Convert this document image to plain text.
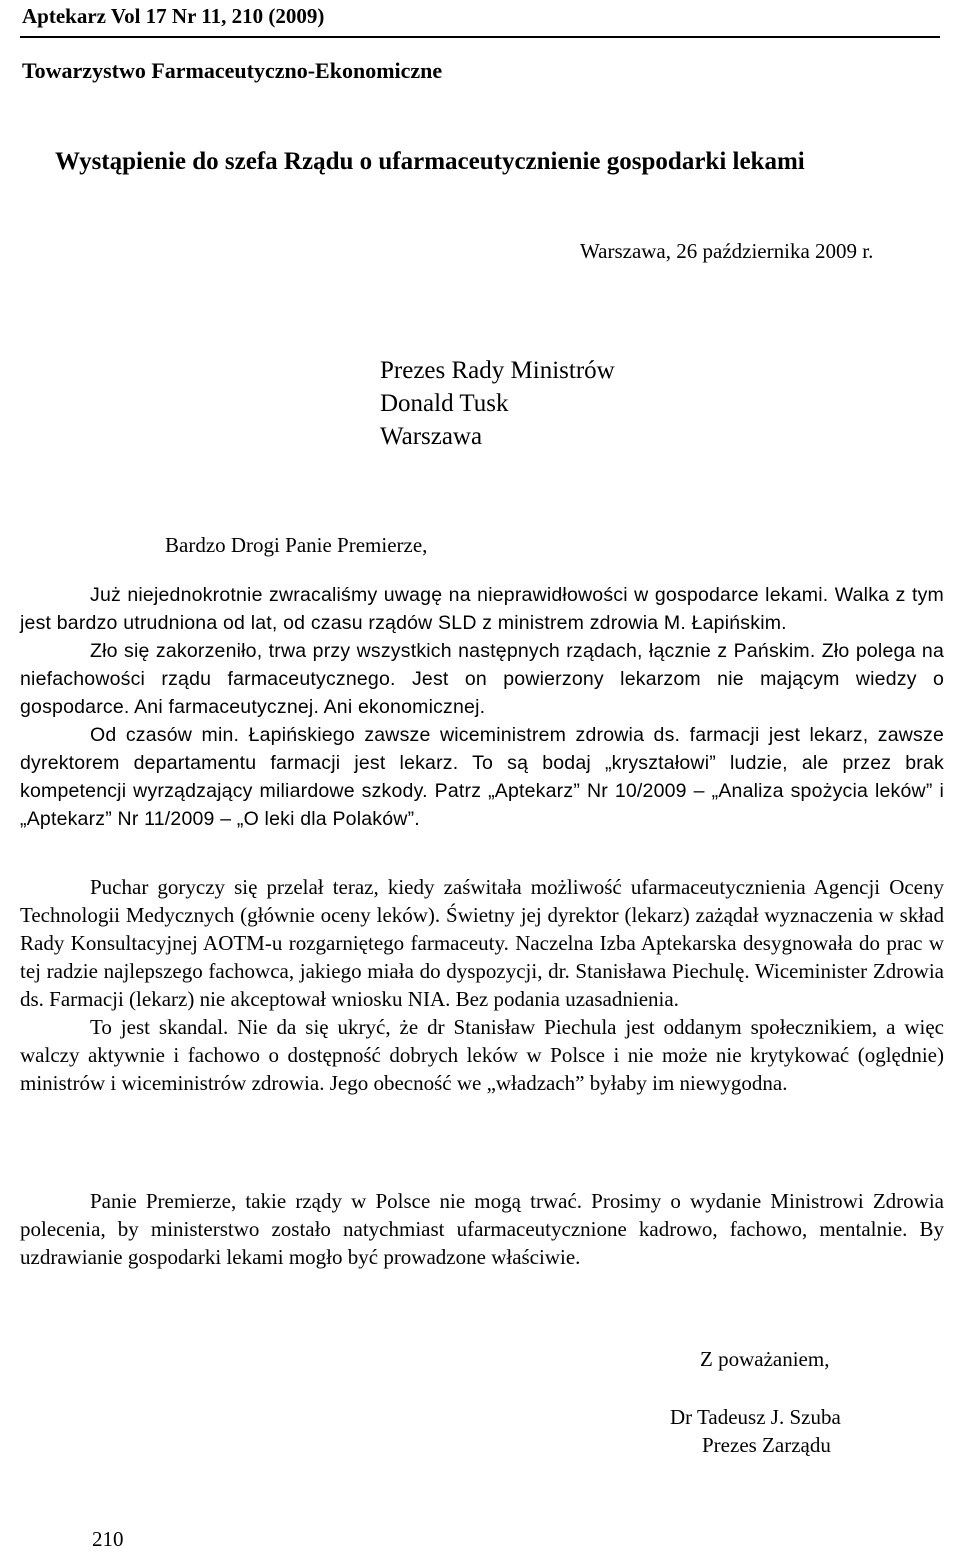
Aptekarz Vol 17 Nr 11, 210 (2009)
Towarzystwo Farmaceutyczno-Ekonomiczne
Wystąpienie do szefa Rządu o ufarmaceutycznienie gospodarki lekami
Warszawa, 26 października 2009 r.
Prezes Rady Ministrów
Donald Tusk
Warszawa
Bardzo Drogi Panie Premierze,

Już niejednokrotnie zwracaliśmy uwagę na nieprawidłowości w gospodarce lekami. Walka z tym jest bardzo utrudniona od lat, od czasu rządów SLD z ministrem zdrowia M. Łapińskim.

Zło się zakorzeniło, trwa przy wszystkich następnych rządach, łącznie z Pańskim. Zło polega na niefachowości rządu farmaceutycznego. Jest on powierzony lekarzom nie mającym wiedzy o gospodarce. Ani farmaceutycznej. Ani ekonomicznej.

Od czasów min. Łapińskiego zawsze wiceministrem zdrowia ds. farmacji jest lekarz, zawsze dyrektorem departamentu farmacji jest lekarz. To są bodaj „kryształowi” ludzie, ale przez brak kompetencji wyrządzający miliardowe szkody. Patrz „Aptekarz” Nr 10/2009 – „Analiza spożycia leków” i „Aptekarz” Nr 11/2009 – „O leki dla Polaków”.

Puchar goryczy się przelał teraz, kiedy zaświtała możliwość ufarmaceutycznienia Agencji Oceny Technologii Medycznych (głównie oceny leków). Świetny jej dyrektor (lekarz) zażądał wyznaczenia w skład Rady Konsultacyjnej AOTM-u rozgarniętego farmaceuty. Naczelna Izba Aptekarska desygnowała do prac w tej radzie najlepszego fachowca, jakiego miała do dyspozycji, dr. Stanisława Piechulę. Wiceminister Zdrowia ds. Farmacji (lekarz) nie akceptował wniosku NIA. Bez podania uzasadnienia.

To jest skandal. Nie da się ukryć, że dr Stanisław Piechula jest oddanym społecznikiem, a więc walczy aktywnie i fachowo o dostępność dobrych leków w Polsce i nie może nie krytykować (oględnie) ministrów i wiceministrów zdrowia. Jego obecność we „władzach” byłaby im niewygodna.

Panie Premierze, takie rządy w Polsce nie mogą trwać. Prosimy o wydanie Ministrowi Zdrowia polecenia, by ministerstwo zostało natychmiast ufarmaceutycznione kadrowo, fachowo, mentalnie. By uzdrawianie gospodarki lekami mogło być prowadzone właściwie.

Z poważaniem,
Dr Tadeusz J. Szuba
Prezes Zarządu
210
